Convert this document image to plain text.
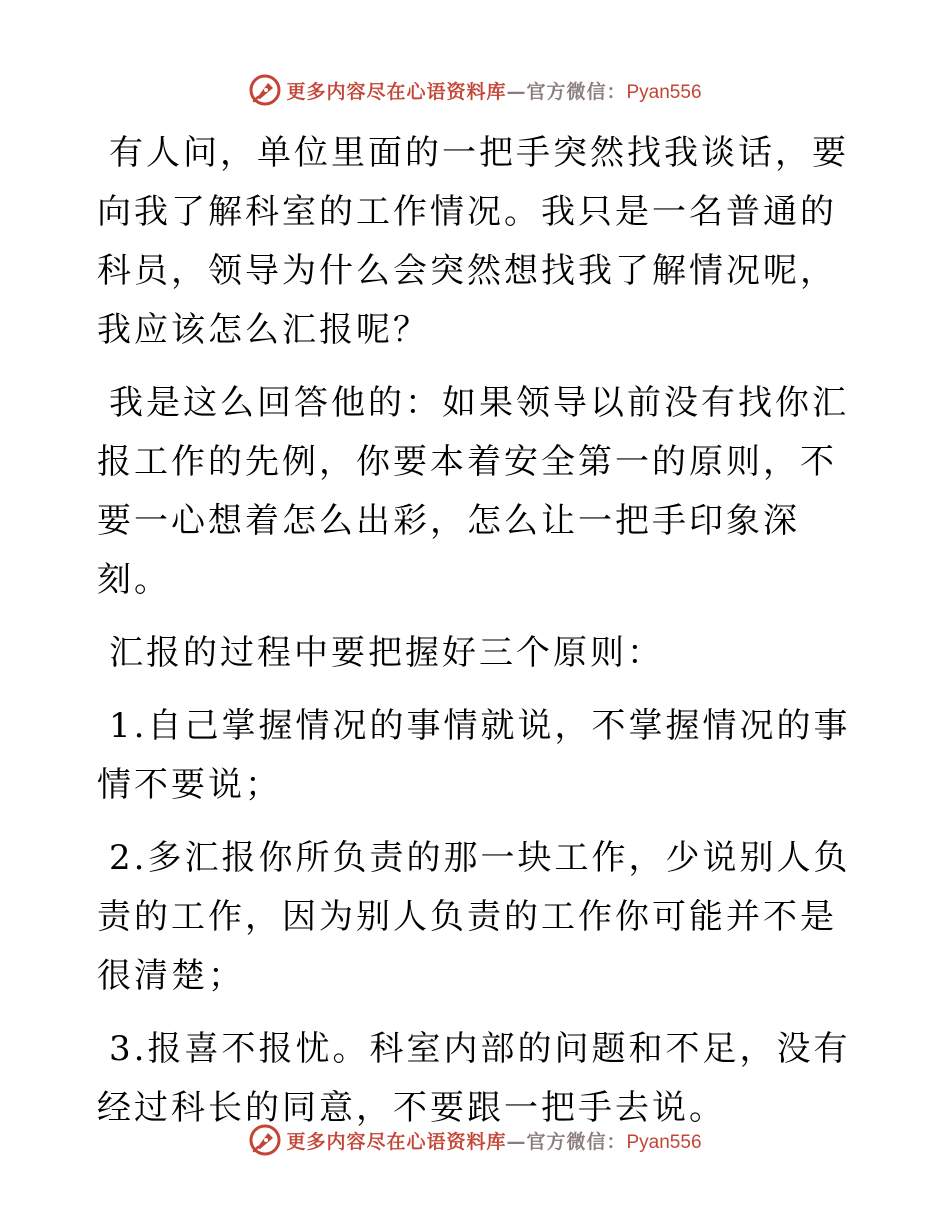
更多内容尽在心语资料库—官方微信：Pyan556

有人问，单位里面的一把手突然找我谈话，要向我了解科室的工作情况。我只是一名普通的科员，领导为什么会突然想找我了解情况呢，我应该怎么汇报呢？

我是这么回答他的：如果领导以前没有找你汇报工作的先例，你要本着安全第一的原则，不要一心想着怎么出彩，怎么让一把手印象深刻。

汇报的过程中要把握好三个原则：

1.自己掌握情况的事情就说，不掌握情况的事情不要说；

2.多汇报你所负责的那一块工作，少说别人负责的工作，因为别人负责的工作你可能并不是很清楚；

3.报喜不报忧。科室内部的问题和不足，没有经过科长的同意，不要跟一把手去说。

更多内容尽在心语资料库—官方微信：Pyan556
